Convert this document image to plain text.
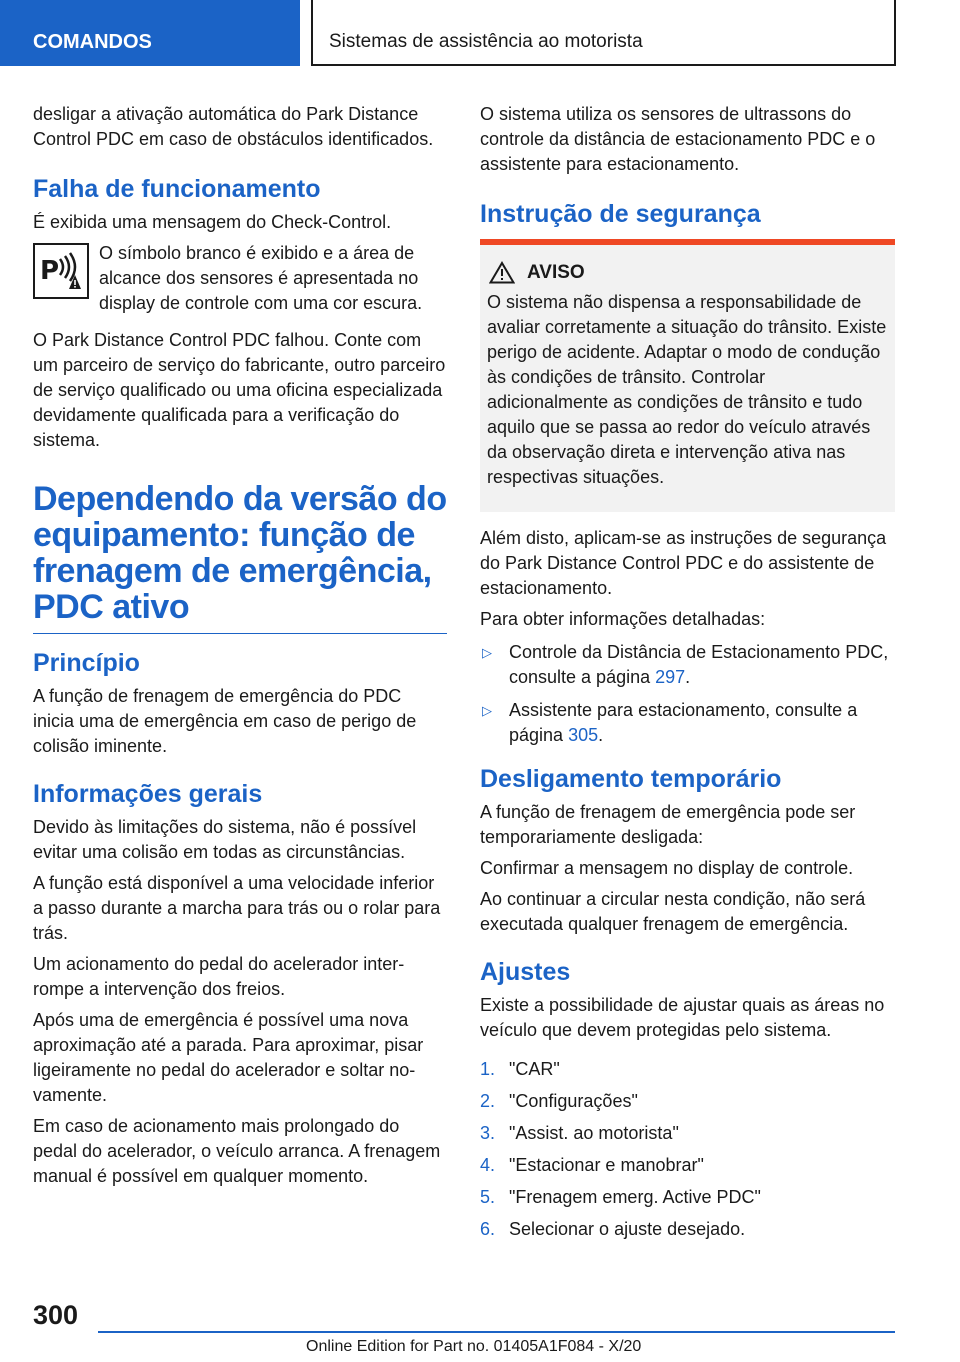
COMANDOS	Sistemas de assistência ao motorista

desligar a ativação automática do Park Distance Control PDC em caso de obstáculos identificados.

Falha de funcionamento

É exibida uma mensagem do Check-Control.

P

O símbolo branco é exibido e a área de alcance dos sensores é apresentada no display de controle com uma cor escura.

O Park Distance Control PDC falhou. Conte com um parceiro de serviço do fabricante, outro parceiro de serviço qualificado ou uma oficina especializada devidamente qualificada para a verificação do sistema.

Dependendo da versão do equipamento: função de frenagem de emergência, PDC ativo
Princípio

A função de frenagem de emergência do PDC inicia uma de emergência em caso de perigo de colisão iminente.

Informações gerais

Devido às limitações do sistema, não é possível evitar uma colisão em todas as circunstâncias.

A função está disponível a uma velocidade inferior a passo durante a marcha para trás ou o rolar para trás.

Um acionamento do pedal do acelerador interrompe a intervenção dos freios.

Após uma de emergência é possível uma nova aproximação até a parada. Para aproximar, pisar ligeiramente no pedal do acelerador e soltar novamente.

Em caso de acionamento mais prolongado do pedal do acelerador, o veículo arranca. A frenagem manual é possível em qualquer momento.

O sistema utiliza os sensores de ultrassons do controle da distância de estacionamento PDC e o assistente para estacionamento.

Instrução de segurança
AVISO

O sistema não dispensa a responsabilidade de avaliar corretamente a situação do trânsito. Existe perigo de acidente. Adaptar o modo de condução às condições de trânsito. Controlar adicionalmente as condições de trânsito e tudo aquilo que se passa ao redor do veículo através da observação direta e intervenção ativa nas respectivas situações.

Além disto, aplicam-se as instruções de segurança do Park Distance Control PDC e do assistente de estacionamento.

Para obter informações detalhadas:

▷ Controle da Distância de Estacionamento PDC, consulte a página 297.
▷ Assistente para estacionamento, consulte a página 305.
Desligamento temporário

A função de frenagem de emergência pode ser temporariamente desligada:

Confirmar a mensagem no display de controle.

Ao continuar a circular nesta condição, não será executada qualquer frenagem de emergência.

Ajustes

Existe a possibilidade de ajustar quais as áreas no veículo que devem protegidas pelo sistema.

1. "CAR"
2. "Configurações"
3. "Assist. ao motorista"
4. "Estacionar e manobrar"
5. "Frenagem emerg. Active PDC"
6. Selecionar o ajuste desejado.
300
Online Edition for Part no. 01405A1F084 - X/20
